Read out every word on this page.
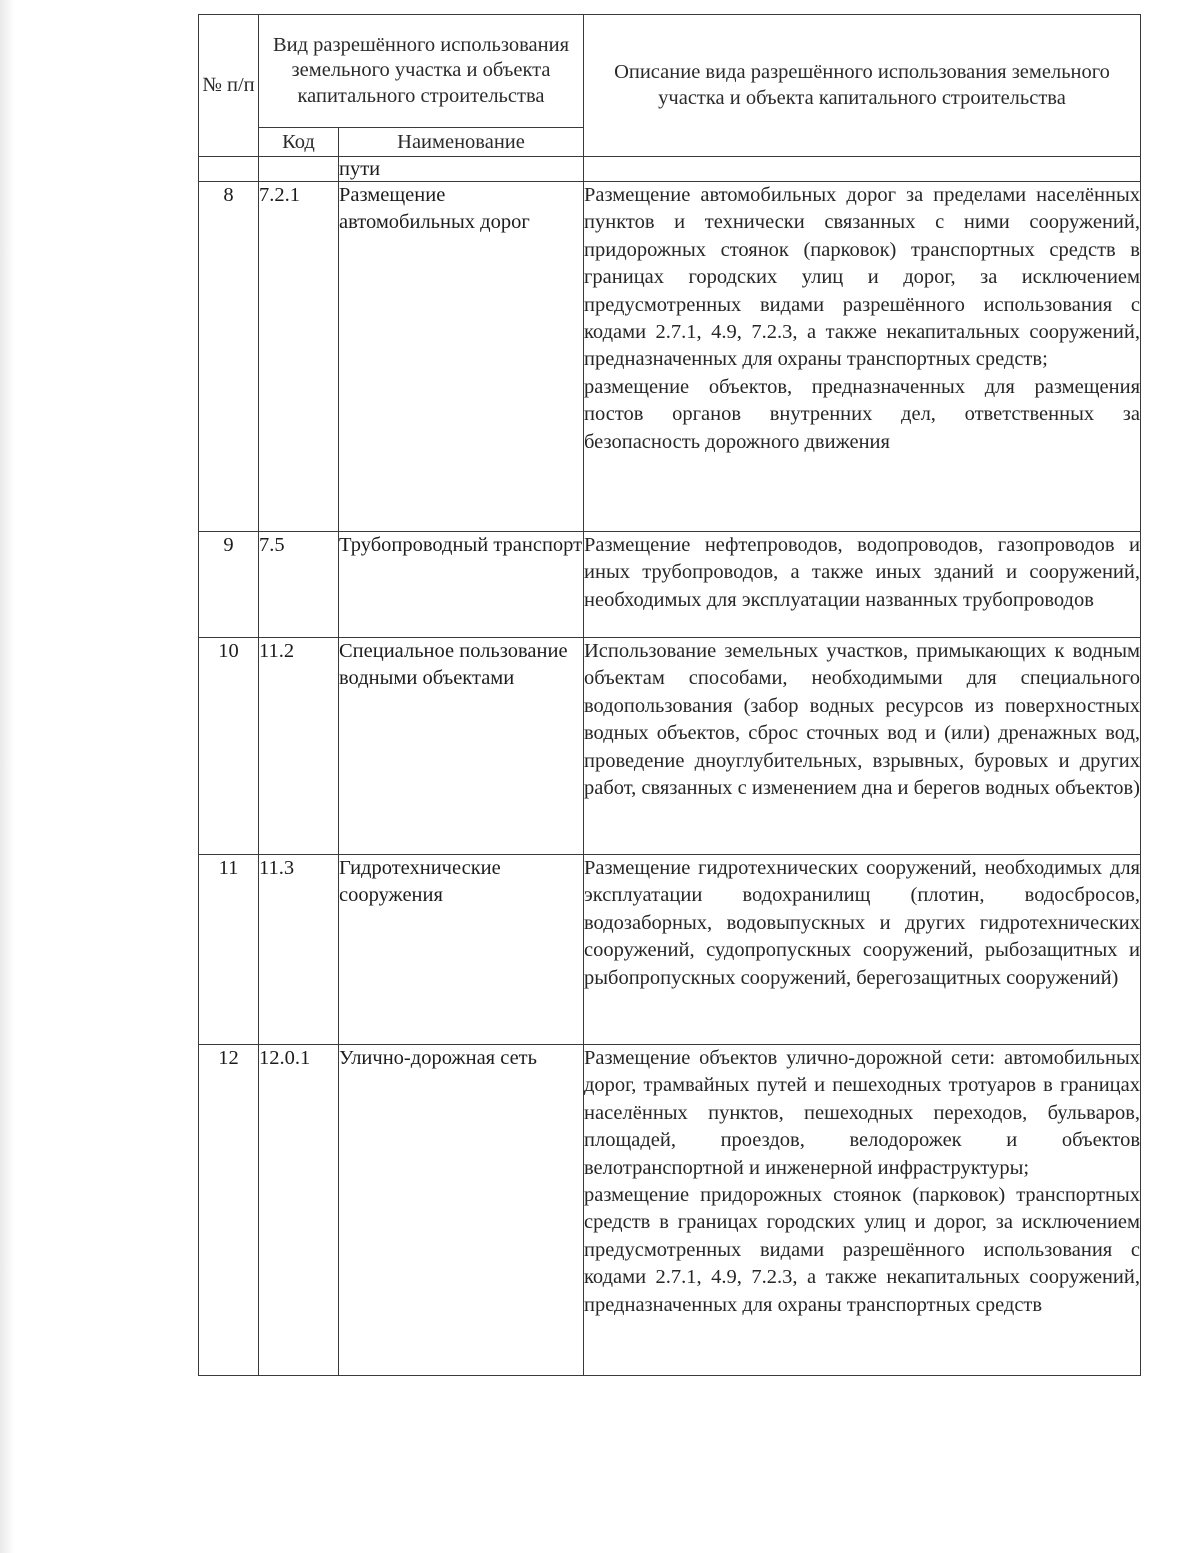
№ п/п	Вид разрешённого использования земельного участка и объекта капитального строительства		Описание вида разрешённого использования земельного участка и объекта капитального строительства
	Код	Наименование	
		пути	
8	7.2.1	Размещение автомобильных дорог	Размещение автомобильных дорог за пределами населённых пунктов и технически связанных с ними сооружений, придорожных стоянок (парковок) транспортных средств в границах городских улиц и дорог, за исключением предусмотренных видами разрешённого использования с кодами 2.7.1, 4.9, 7.2.3, а также некапитальных сооружений, предназначенных для охраны транспортных средств;
размещение объектов, предназначенных для размещения постов органов внутренних дел, ответственных за безопасность дорожного движения

9	7.5	Трубопроводный транспорт	Размещение нефтепроводов, водопроводов, газопроводов и иных трубопроводов, а также иных зданий и сооружений, необходимых для эксплуатации названных трубопроводов

10	11.2	Специальное пользование водными объектами	Использование земельных участков, примыкающих к водным объектам способами, необходимыми для специального водопользования (забор водных ресурсов из поверхностных водных объектов, сброс сточных вод и (или) дренажных вод, проведение дноуглубительных, взрывных, буровых и других работ, связанных с изменением дна и берегов водных объектов)

11	11.3	Гидротехнические сооружения	Размещение гидротехнических сооружений, необходимых для эксплуатации водохранилищ (плотин, водосбросов, водозаборных, водовыпускных и других гидротехнических сооружений, судопропускных сооружений, рыбозащитных и рыбопропускных сооружений, берегозащитных сооружений)

12	12.0.1	Улично-дорожная сеть	Размещение объектов улично-дорожной сети: автомобильных дорог, трамвайных путей и пешеходных тротуаров в границах населённых пунктов, пешеходных переходов, бульваров, площадей, проездов, велодорожек и объектов велотранспортной и инженерной инфраструктуры;
размещение придорожных стоянок (парковок) транспортных средств в границах городских улиц и дорог, за исключением предусмотренных видами разрешённого использования с кодами 2.7.1, 4.9, 7.2.3, а также некапитальных сооружений, предназначенных для охраны транспортных средств
